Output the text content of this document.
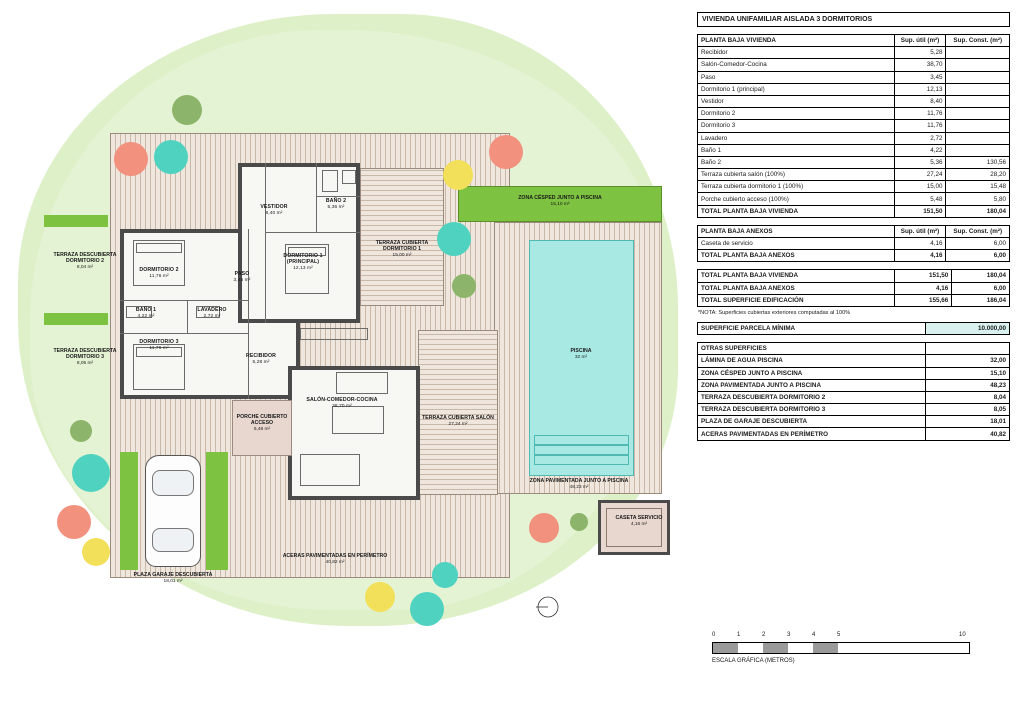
ZONA CÉSPED JUNTO A PISCINA
15,10 m²
PISCINA
32 m²
ZONA PAVIMENTADA JUNTO A PISCINA
48,23 m²
CASETA SERVICIO
4,16 m²
TERRAZA CUBIERTA DORMITORIO 1
15,00 m²
TERRAZA CUBIERTA SALÓN
27,24 m²
TERRAZA DESCUBIERTA DORMITORIO 2
8,04 m²
TERRAZA DESCUBIERTA DORMITORIO 3
8,05 m²
VESTIDOR
8,40 m²
BAÑO 2
5,36 m²
DORMITORIO 2
11,76 m²	PASO
3,45 m²
DORMITORIO 1 (PRINCIPAL)
12,13 m²
BAÑO 1
4,22 m²
LAVADERO
2,72 m²
DORMITORIO 3
11,76 m²
RECIBIDOR
5,28 m²
SALÓN-COMEDOR-COCINA
38,70 m²
PORCHE CUBIERTO ACCESO
5,48 m²
PLAZA GARAJE DESCUBIERTA
18,01 m²
ACERAS PAVIMENTADAS EN PERÍMETRO
40,82 m²
VIVIENDA UNIFAMILIAR AISLADA 3 DORMITORIOS
PLANTA BAJA VIVIENDA	Sup. útil (m²)	Sup. Const. (m²)
Recibidor	5,28	
Salón-Comedor-Cocina	38,70	
Paso	3,45	
Dormitorio 1 (principal)	12,13	
Vestidor	8,40	
Dormitorio 2	11,76	
Dormitorio 3	11,76	
Lavadero	2,72	
Baño 1	4,22	
Baño 2	5,36	130,56
Terraza cubierta salón (100%)	27,24	28,20
Terraza cubierta dormitorio 1 (100%)	15,00	15,48
Porche cubierto acceso (100%)	5,48	5,80
TOTAL PLANTA BAJA VIVIENDA	151,50	180,04
PLANTA BAJA ANEXOS	Sup. útil (m²)	Sup. Const. (m²)
Caseta de servicio	4,16	6,00
TOTAL PLANTA BAJA ANEXOS	4,16	6,00
TOTAL PLANTA BAJA VIVIENDA	151,50	180,04
TOTAL PLANTA BAJA ANEXOS	4,16	6,00
TOTAL SUPERFICIE EDIFICACIÓN	155,66	186,04
*NOTA: Superficies cubiertas exteriores computadas al 100%
SUPERFICIE PARCELA MÍNIMA	10.000,00
OTRAS SUPERFICIES	
LÁMINA DE AGUA PISCINA	32,00
ZONA CÉSPED JUNTO A PISCINA	15,10
ZONA PAVIMENTADA JUNTO A PISCINA	48,23
TERRAZA DESCUBIERTA DORMITORIO 2	8,04
TERRAZA DESCUBIERTA DORMITORIO 3	8,05
PLAZA DE GARAJE DESCUBIERTA	18,01
ACERAS PAVIMENTADAS EN PERÍMETRO	40,82
0	1	2	3	4	5	10
ESCALA GRÁFICA (METROS)
